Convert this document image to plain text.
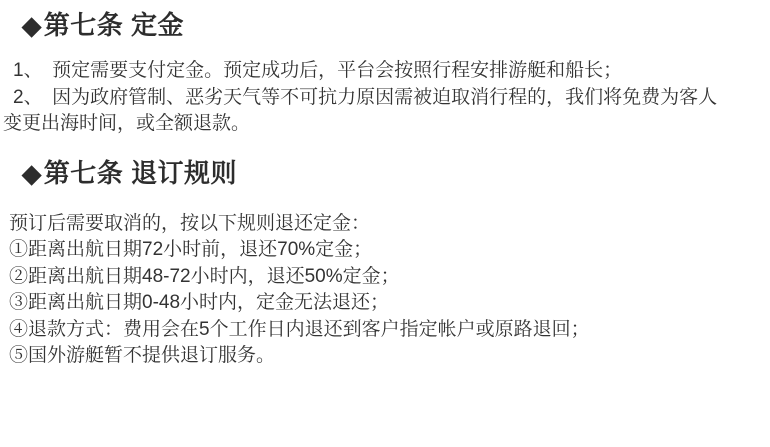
◆第七条 定金
1、　预定需要支付定金。预定成功后，平台会按照行程安排游艇和船长；
2、　因为政府管制、恶劣天气等不可抗力原因需被迫取消行程的，我们将免费为客人
变更出海时间，或全额退款。
◆第七条 退订规则
预订后需要取消的，按以下规则退还定金：
①距离出航日期72小时前，退还70%定金；
②距离出航日期48-72小时内，退还50%定金；
③距离出航日期0-48小时内，定金无法退还；
④退款方式：费用会在5个工作日内退还到客户指定帐户或原路退回；
⑤国外游艇暂不提供退订服务。
